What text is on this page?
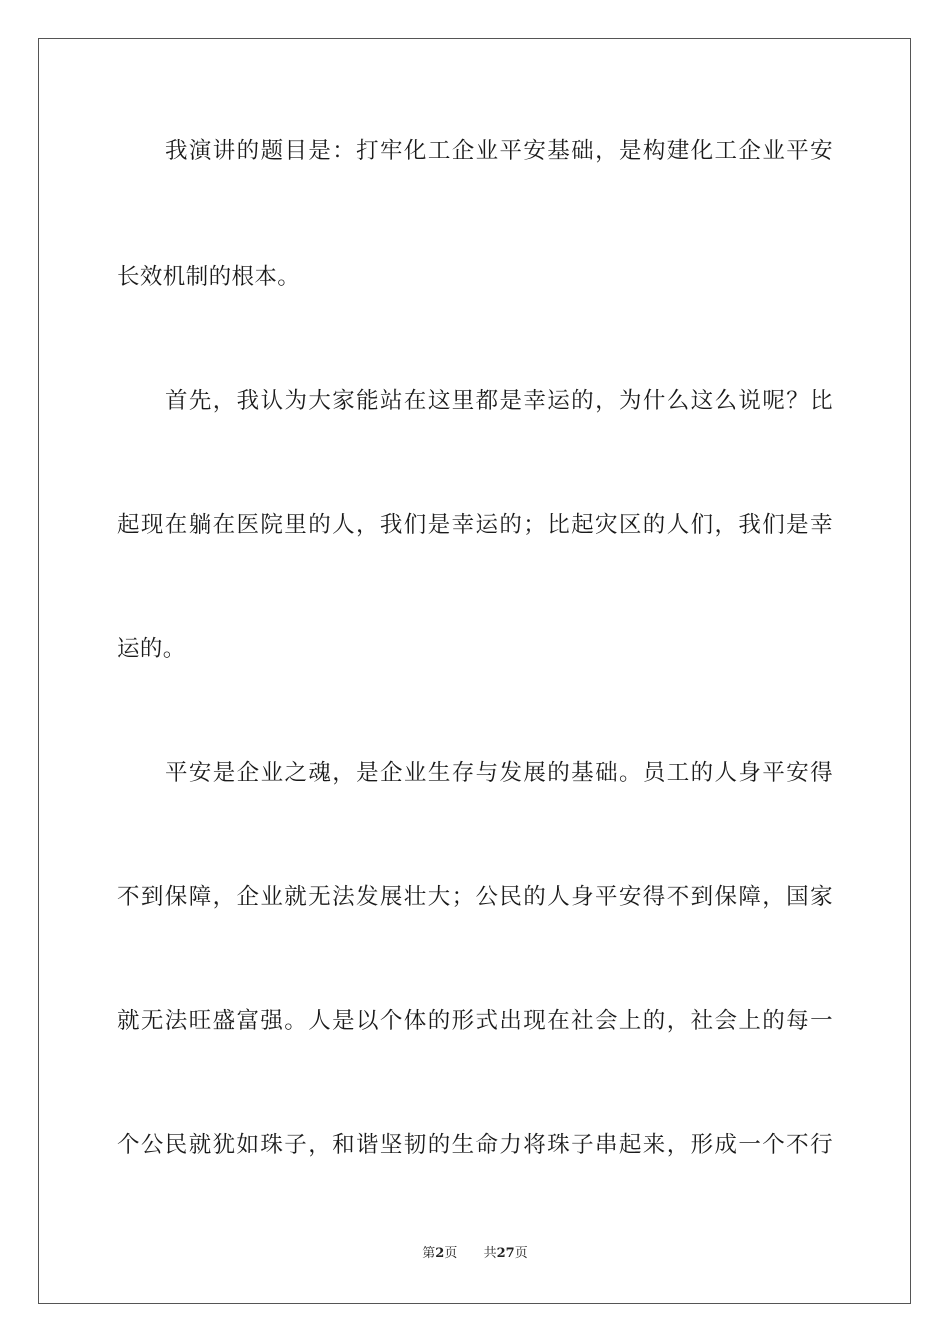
我演讲的题目是：打牢化工企业平安基础，是构建化工企业平安
长效机制的根本。
首先，我认为大家能站在这里都是幸运的，为什么这么说呢？比
起现在躺在医院里的人，我们是幸运的；比起灾区的人们，我们是幸
运的。
平安是企业之魂，是企业生存与发展的基础。员工的人身平安得
不到保障，企业就无法发展壮大；公民的人身平安得不到保障，国家
就无法旺盛富强。人是以个体的形式出现在社会上的，社会上的每一
个公民就犹如珠子，和谐坚韧的生命力将珠子串起来，形成一个不行
第2页 共27页
